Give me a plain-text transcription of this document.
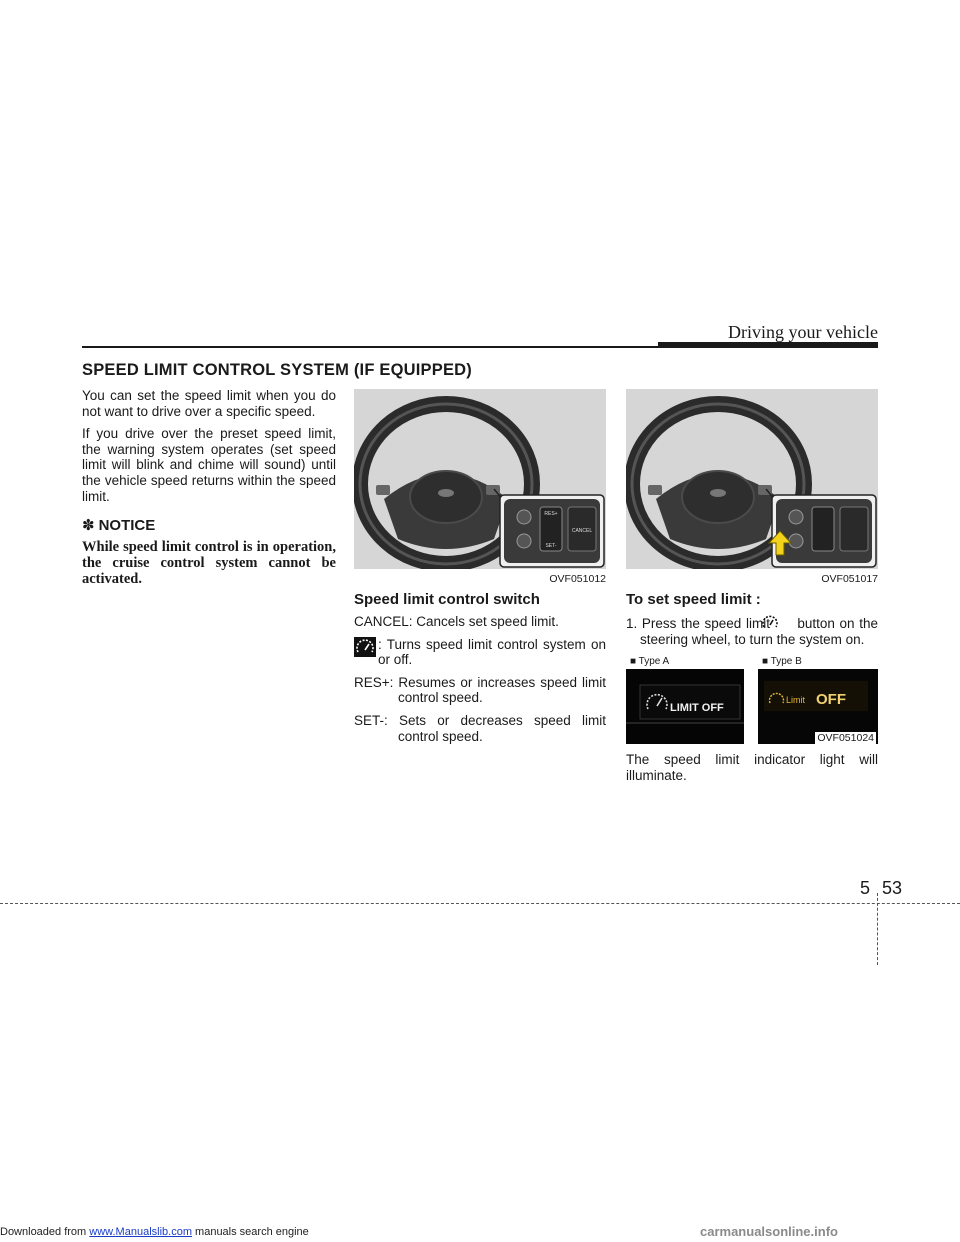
Driving your vehicle
SPEED LIMIT CONTROL SYSTEM (IF EQUIPPED)

You can set the speed limit when you do not want to drive over a specific speed.

If you drive over the preset speed limit, the warning system operates (set speed limit will blink and chime will sound) until the vehicle speed returns within the speed limit.

✽ NOTICE
While speed limit control is in operation, the cruise control system cannot be activated.
RES+
SET-
CANCEL
OVF051012	OVF051017
Speed limit control switch

CANCEL: Cancels set speed limit.

: Turns speed limit control system on or off.

RES+: Resumes or increases speed limit control speed.

SET-: Sets or decreases speed limit control speed.

To set speed limit :

1. Press the speed limit button on the steering wheel, to turn the system on.

■ Type A	■ Type B
LIMIT OFF
Limit OFF
OVF051024

The speed limit indicator light will illuminate.

5 53
Downloaded from www.Manualslib.com manuals search engine	carmanualsonline.info
